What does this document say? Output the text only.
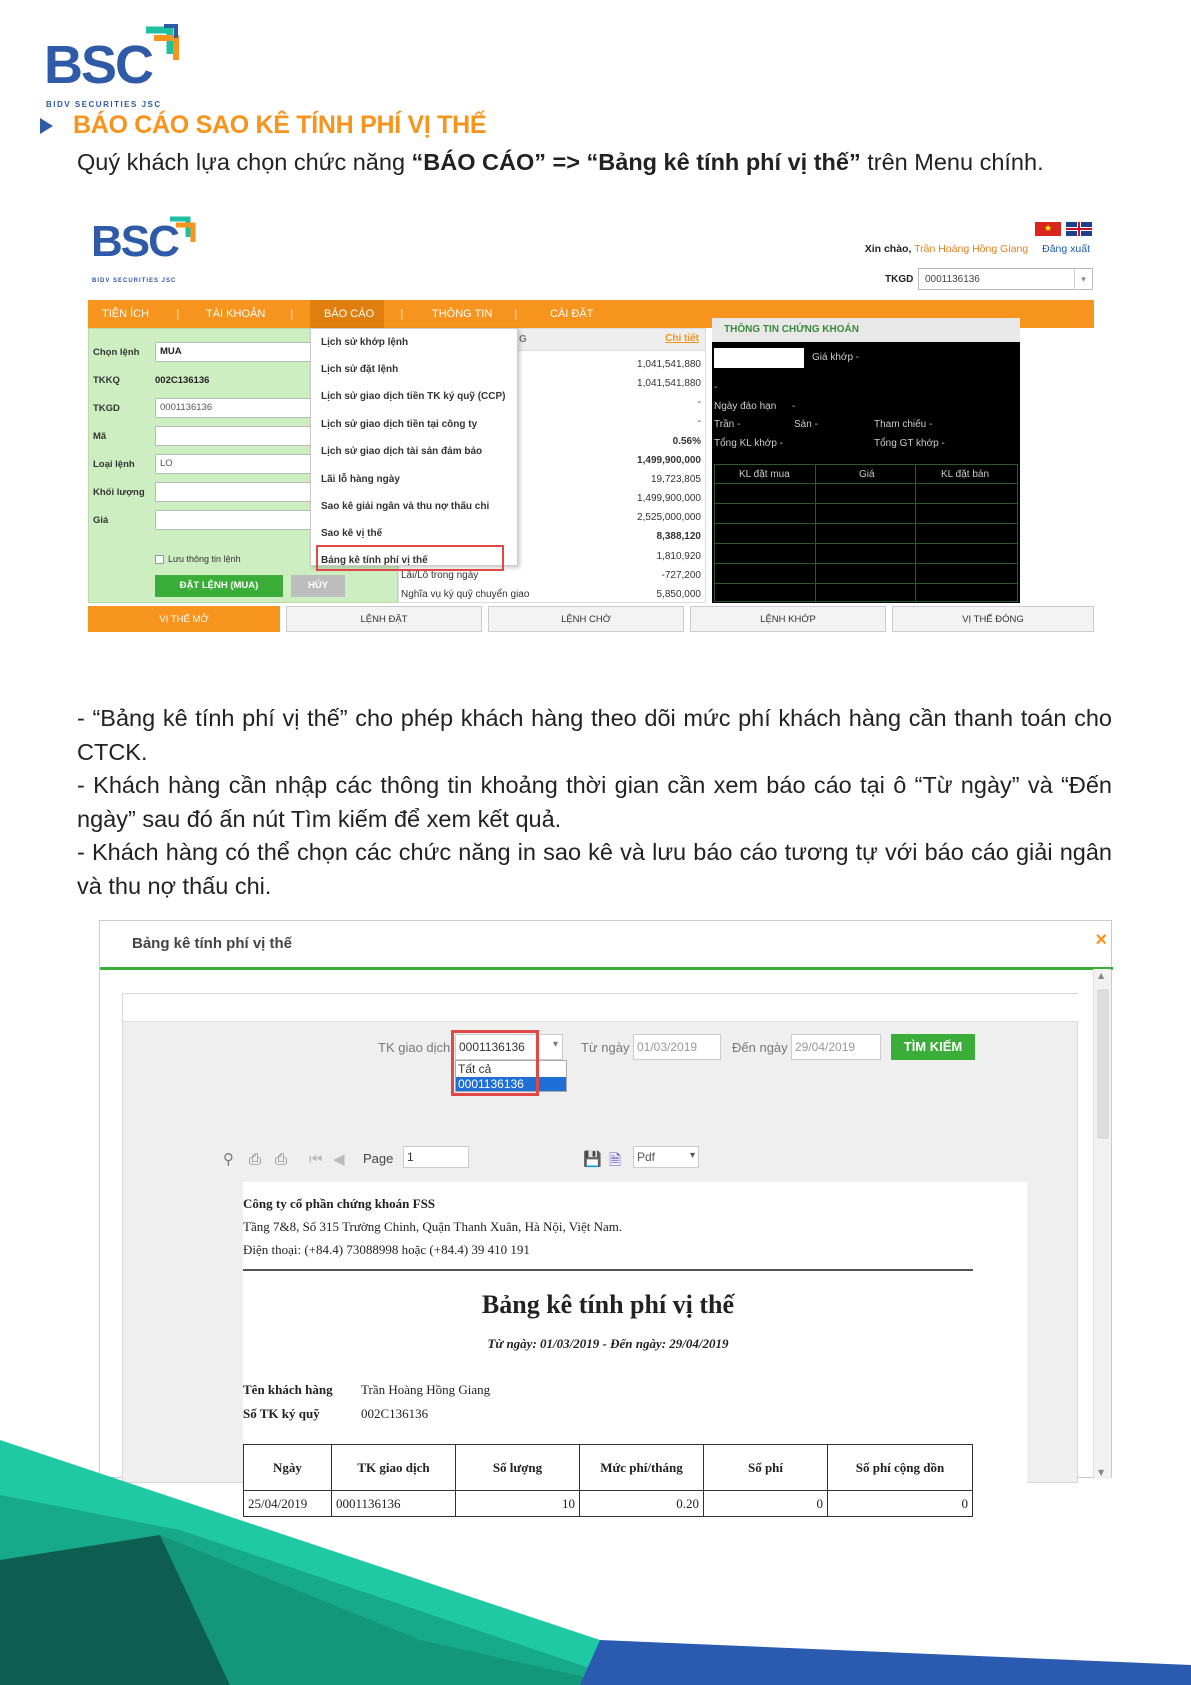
BSC
BIDV SECURITIES JSC
BÁO CÁO SAO KÊ TÍNH PHÍ VỊ THẾ
Quý khách lựa chọn chức năng “BÁO CÁO” => “Bảng kê tính phí vị thế” trên Menu chính.
BSC
BIDV SECURITIES JSC
★
Xin chào, Trần Hoàng Hồng Giang Đăng xuất
TKGD	0001136136	▾
TIỆN ÍCH | TÀI KHOẢN |	BÁO CÁO	|	THÔNG TIN |	CÀI ĐẶT
Chọn lệnh	MUA
TKKQ	002C136136
TKGD	0001136136
Mã
Loại lệnh	LO
Khối lượng
Giá
Lưu thông tin lệnh
ĐẶT LỆNH (MUA)	HỦY
G	Chi tiết
1,041,541,880
1,041,541,880
-
-
0.56%
1,499,900,000
19,723,805
1,499,900,000
2,525,000,000
8,388,120
1,810,920
Lãi/Lỗ trong ngày	-727,200
Nghĩa vụ ký quỹ chuyển giao	5,850,000
Lịch sử khớp lệnh
Lịch sử đặt lệnh
Lịch sử giao dịch tiền TK ký quỹ (CCP)
Lịch sử giao dịch tiền tại công ty
Lịch sử giao dịch tài sản đảm bảo
Lãi lỗ hàng ngày
Sao kê giải ngân và thu nợ thấu chi
Sao kê vị thế
Bảng kê tính phí vị thế
THÔNG TIN CHỨNG KHOÁN
Giá khớp -
-
Ngày đáo hạn -
Trần -	Sàn -	Tham chiếu -
Tổng KL khớp -	Tổng GT khớp -
KL đặt mua	Giá	KL đặt bán
VỊ THẾ MỞ	LỆNH ĐẶT	LỆNH CHỜ	LỆNH KHỚP	VỊ THẾ ĐÓNG
- “Bảng kê tính phí vị thế” cho phép khách hàng theo dõi mức phí khách hàng cần thanh toán cho CTCK.
- Khách hàng cần nhập các thông tin khoảng thời gian cần xem báo cáo tại ô “Từ ngày” và “Đến ngày” sau đó ấn nút Tìm kiếm để xem kết quả.
- Khách hàng có thể chọn các chức năng in sao kê và lưu báo cáo tương tự với báo cáo giải ngân và thu nợ thấu chi.
Bảng kê tính phí vị thế	×
TK giao dịch 0001136136	▾ Từ ngày 01/03/2019	Đến ngày 29/04/2019	TÌM KIẾM
⚲ ⎙ ⎙ ⏮ ◀ Page	1	💾 🗎	Pdf	▾
Công ty cổ phần chứng khoán FSS
Tầng 7&8, Số 315 Trường Chinh, Quận Thanh Xuân, Hà Nội, Việt Nam.
Điện thoại: (+84.4) 73088998 hoặc (+84.4) 39 410 191
Bảng kê tính phí vị thế
Từ ngày: 01/03/2019 - Đến ngày: 29/04/2019
Tên khách hàng Trần Hoàng Hồng Giang
Số TK ký quỹ	002C136136
Ngày	TK giao dịch	Số lượng	Mức phí/tháng	Số phí	Số phí cộng dồn
25/04/2019	0001136136	10	0.20	0	0
Tất cả
0001136136
▲
▼
